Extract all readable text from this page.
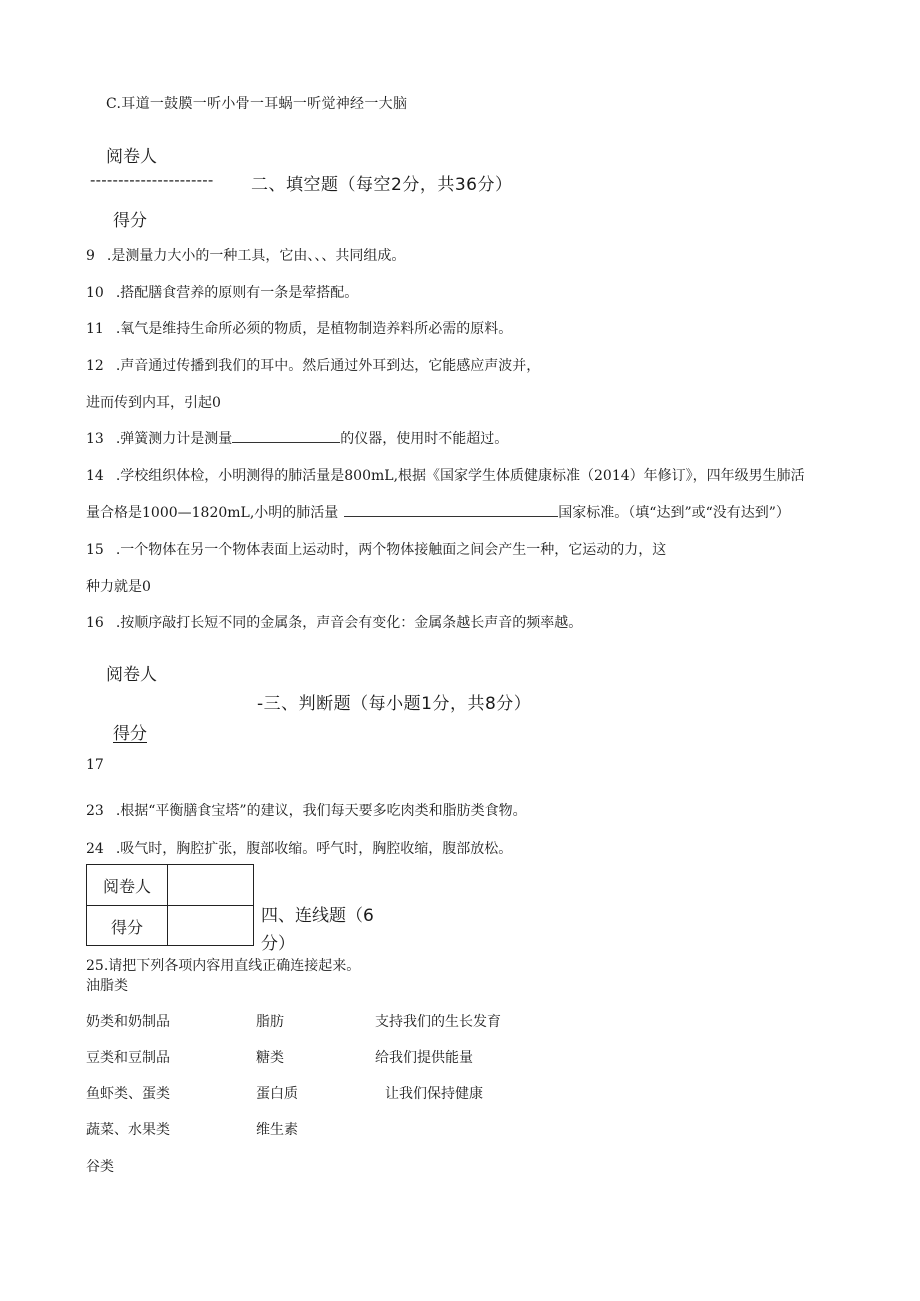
C.耳道一鼓膜一听小骨一耳蜗一听觉神经一大脑
阅卷人
---------------------- 二、填空题（每空2分，共36分）
得分
9 .是测量力大小的一种工具，它由、、、共同组成。
10 .搭配膳食营养的原则有一条是荤搭配。
11 .氧气是维持生命所必须的物质，是植物制造养料所必需的原料。
12 .声音通过传播到我们的耳中。然后通过外耳到达，它能感应声波并，
进而传到内耳，引起0
13 .弹簧测力计是测量	的仪器，使用时不能超过。
14 .学校组织体检，小明测得的肺活量是800mL,根据《国家学生体质健康标准（2014）年修订》，四年级男生肺活
量合格是1000—1820mL,小明的肺活量	国家标准。（填“达到”或“没有达到”）
15 .一个物体在另一个物体表面上运动时，两个物体接触面之间会产生一种，它运动的力，这
种力就是0
16 .按顺序敲打长短不同的金属条，声音会有变化：金属条越长声音的频率越。
阅卷人
-三、判断题（每小题1分，共8分）
得分
17
23 .根据“平衡膳食宝塔”的建议，我们每天要多吃肉类和脂肪类食物。
24 .吸气时，胸腔扩张，腹部收缩。呼气时，胸腔收缩，腹部放松。
阅卷人
得分
四、连线题（6
分）
25.请把下列各项内容用直线正确连接起来。
油脂类
奶类和奶制品
豆类和豆制品
鱼虾类、蛋类
蔬菜、水果类
谷类
脂肪
糖类
蛋白质
维生素
支持我们的生长发育
给我们提供能量
让我们保持健康
